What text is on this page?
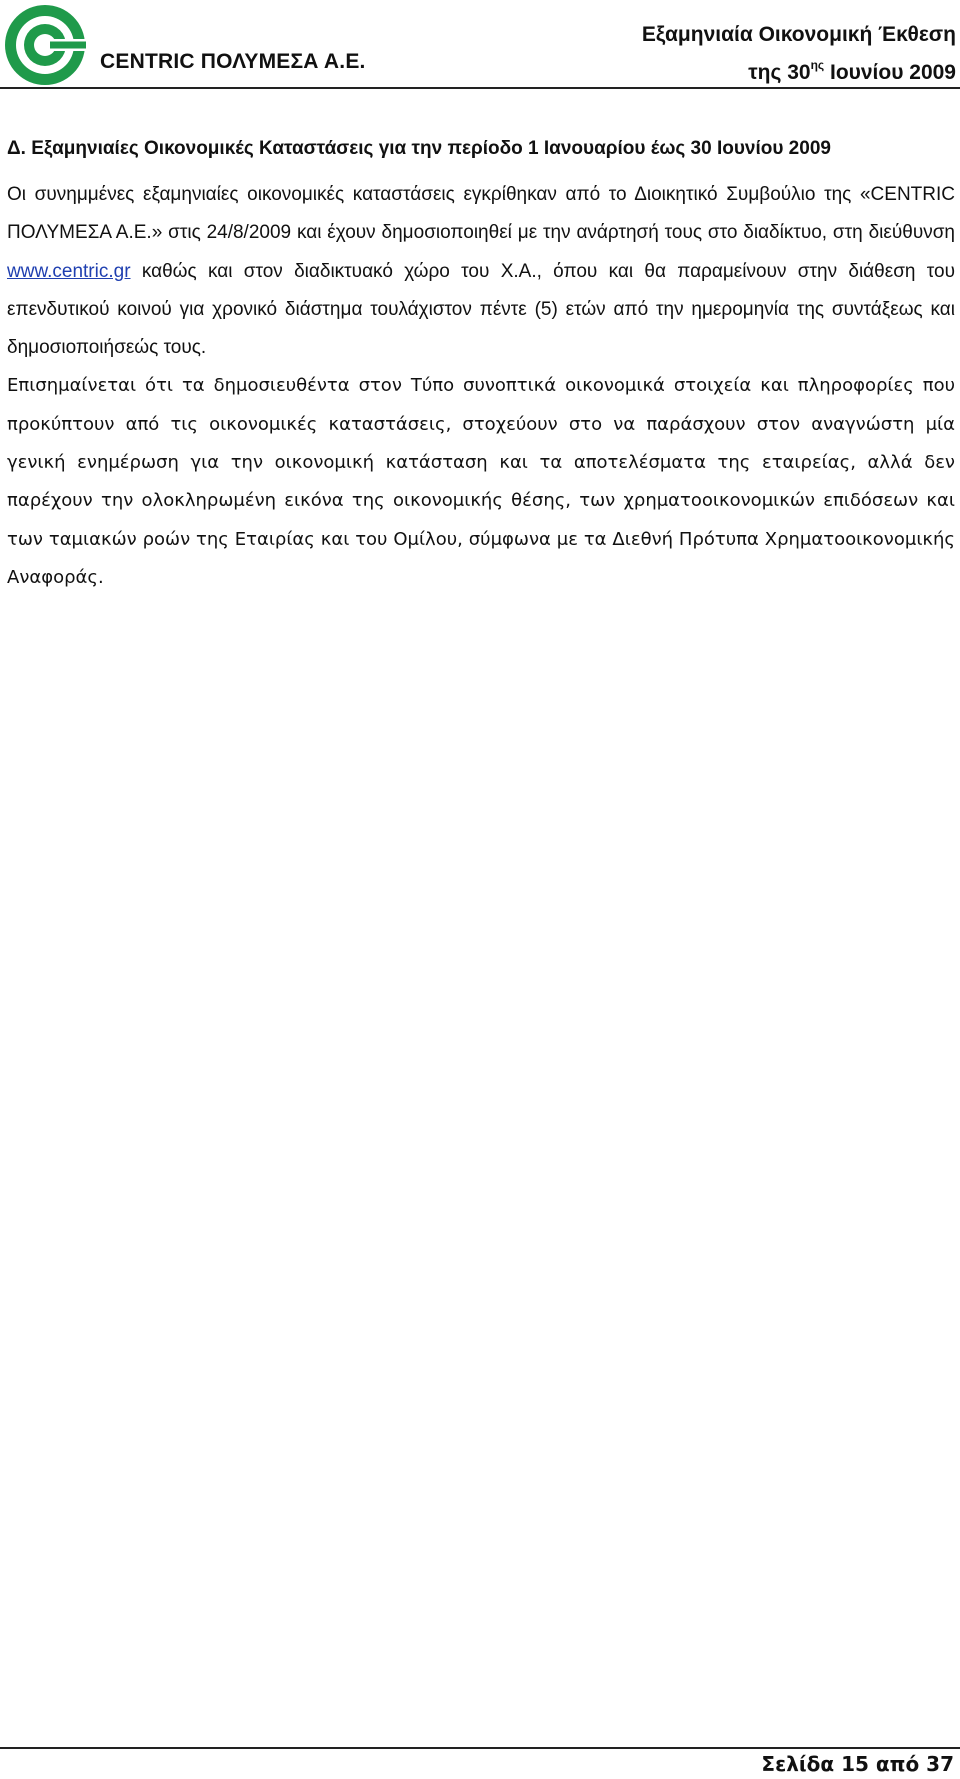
CENTRIC ΠΟΛΥΜΕΣΑ Α.Ε.
Εξαμηνιαία Οικονομική Έκθεση
της $30^{\eta\varsigma}$ Ιουνίου 2009
Δ. Εξαμηνιαίες Οικονομικές Καταστάσεις για την περίοδο 1 Ιανουαρίου έως 30 Ιουνίου 2009

Οι συνημμένες εξαμηνιαίες οικονομικές καταστάσεις εγκρίθηκαν από το Διοικητικό Συμβούλιο της «CENTRIC ΠΟΛΥΜΕΣΑ Α.Ε.» στις 24/8/2009 και έχουν δημοσιοποιηθεί με την ανάρτησή τους στο διαδίκτυο, στη διεύθυνση www.centric.gr καθώς και στον διαδικτυακό χώρο του Χ.Α., όπου και θα παραμείνουν στην διάθεση του επενδυτικού κοινού για χρονικό διάστημα τουλάχιστον πέντε (5) ετών από την ημερομηνία της συντάξεως και δημοσιοποιήσεώς τους.

Επισημαίνεται ότι τα δημοσιευθέντα στον Τύπο συνοπτικά οικονομικά στοιχεία και πληροφορίες που προκύπτουν από τις οικονομικές καταστάσεις, στοχεύουν στο να παράσχουν στον αναγνώστη μία γενική ενημέρωση για την οικονομική κατάσταση και τα αποτελέσματα της εταιρείας, αλλά δεν παρέχουν την ολοκληρωμένη εικόνα της οικονομικής θέσης, των χρηματοοικονομικών επιδόσεων και των ταμιακών ροών της Εταιρίας και του Ομίλου, σύμφωνα με τα Διεθνή Πρότυπα Χρηματοοικονομικής Αναφοράς.

Σελίδα 15 από 37
